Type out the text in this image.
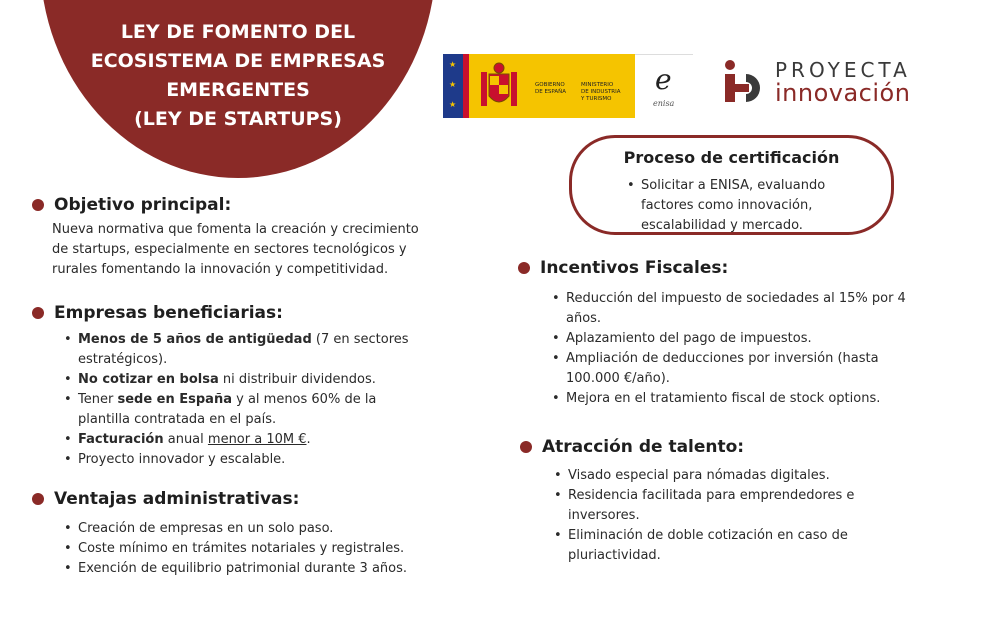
LEY DE FOMENTO DEL
ECOSISTEMA DE EMPRESAS
EMERGENTES
(LEY DE STARTUPS)
★
★
★
GOBIERNO
DE ESPAÑA
MINISTERIO
DE INDUSTRIA
Y TURISMO
e
enisa
PROYECTA
innovación
Proceso de certificación
• Solicitar a ENISA, evaluando factores como innovación, escalabilidad y mercado.
Objetivo principal:
Nueva normativa que fomenta la creación y crecimiento de startups, especialmente en sectores tecnológicos y rurales fomentando la innovación y competitividad.
Empresas beneficiarias:
• Menos de 5 años de antigüedad (7 en sectores estratégicos).
• No cotizar en bolsa ni distribuir dividendos.
• Tener sede en España y al menos 60% de la plantilla contratada en el país.
• Facturación anual menor a 10M €.
• Proyecto innovador y escalable.
Ventajas administrativas:
• Creación de empresas en un solo paso.
• Coste mínimo en trámites notariales y registrales.
• Exención de equilibrio patrimonial durante 3 años.
Incentivos Fiscales:
• Reducción del impuesto de sociedades al 15% por 4 años.
• Aplazamiento del pago de impuestos.
• Ampliación de deducciones por inversión (hasta 100.000 €/año).
• Mejora en el tratamiento fiscal de stock options.
Atracción de talento:
• Visado especial para nómadas digitales.
• Residencia facilitada para emprendedores e inversores.
• Eliminación de doble cotización en caso de pluriactividad.
